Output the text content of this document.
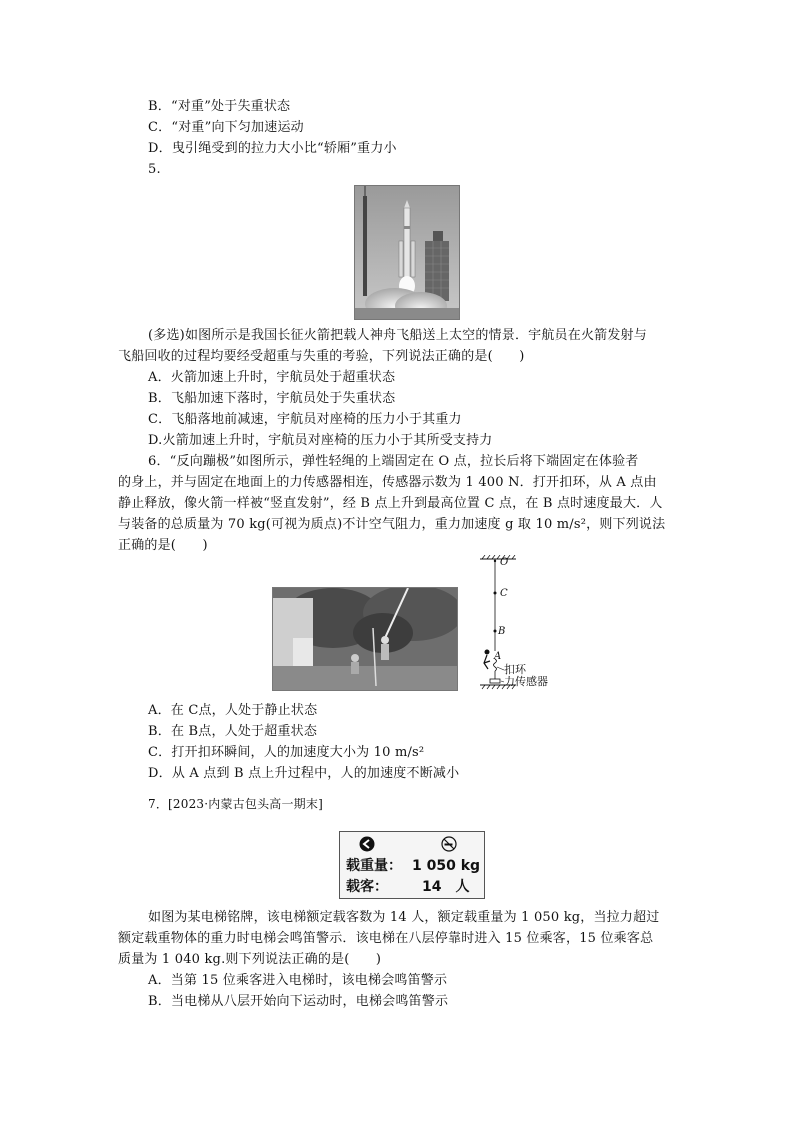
B．“对重”处于失重状态
C．“对重”向下匀加速运动
D．曳引绳受到的拉力大小比“轿厢”重力小
5.
(多选)如图所示是我国长征火箭把载人神舟飞船送上太空的情景．宇航员在火箭发射与
飞船回收的过程均要经受超重与失重的考验，下列说法正确的是(　　)
A．火箭加速上升时，宇航员处于超重状态
B．飞船加速下落时，宇航员处于失重状态
C．飞船落地前减速，宇航员对座椅的压力小于其重力
D.火箭加速上升时，宇航员对座椅的压力小于其所受支持力
6．“反向蹦极”如图所示，弹性轻绳的上端固定在 O 点，拉长后将下端固定在体验者
的身上，并与固定在地面上的力传感器相连，传感器示数为 1 400 N．打开扣环，从 A 点由
静止释放，像火箭一样被“竖直发射”，经 B 点上升到最高位置 C 点，在 B 点时速度最大．人
与装备的总质量为 70 kg(可视为质点)不计空气阻力，重力加速度 g 取 10 m/s²，则下列说法
正确的是(　　)
O
C
B
A
扣环
力传感器
A．在 C点，人处于静止状态
B．在 B点，人处于超重状态
C．打开扣环瞬间，人的加速度大小为 10 m/s²
D．从 A 点到 B 点上升过程中，人的加速度不断减小
7．[2023·内蒙古包头高一期末]
载重量： 1 050 kg
载客： 14　人
如图为某电梯铭牌，该电梯额定载客数为 14 人，额定载重量为 1 050 kg，当拉力超过
额定载重物体的重力时电梯会鸣笛警示．该电梯在八层停靠时进入 15 位乘客，15 位乘客总
质量为 1 040 kg.则下列说法正确的是(　　)
A．当第 15 位乘客进入电梯时，该电梯会鸣笛警示
B．当电梯从八层开始向下运动时，电梯会鸣笛警示
